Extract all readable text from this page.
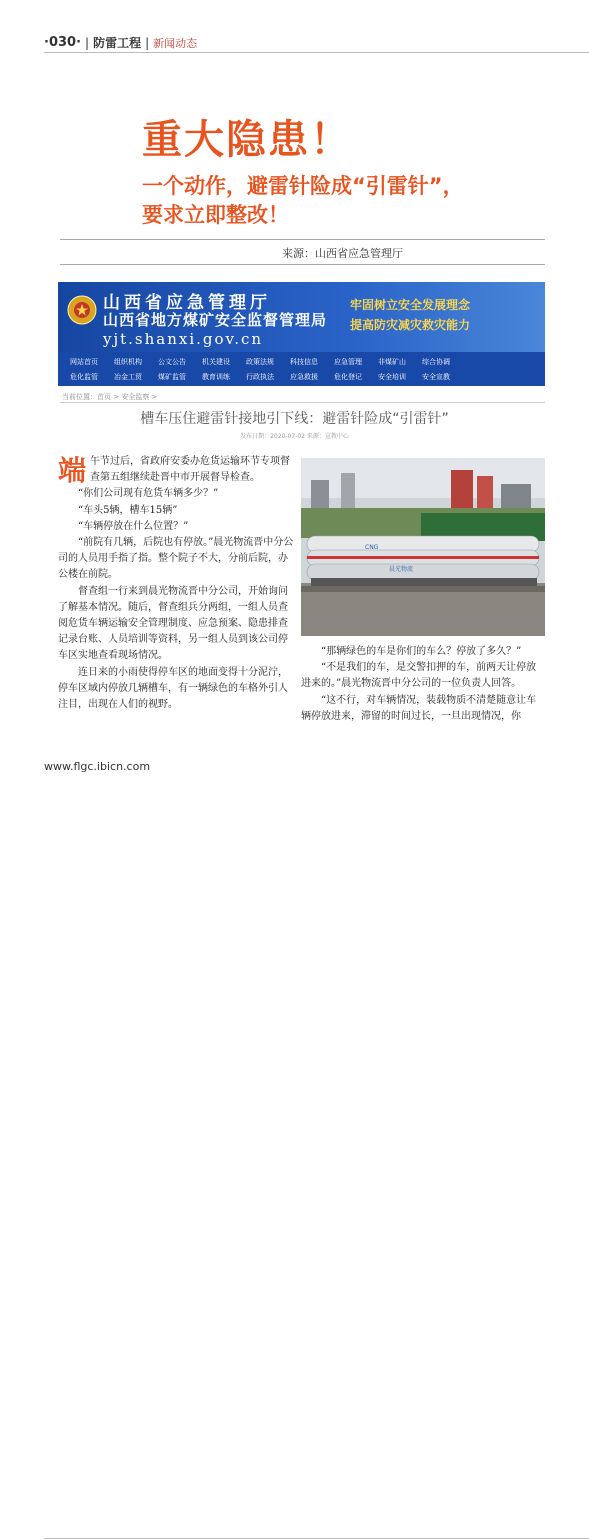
·030· | 防雷工程 | 新闻动态
重大隐患！
一个动作，避雷针险成“引雷针”，
要求立即整改！
来源：山西省应急管理厅
山西省应急管理厅
山西省地方煤矿安全监督管理局
yjt.shanxi.gov.cn
牢固树立安全发展理念
提高防灾减灾救灾能力
网站首页	组织机构	公文公告	机关建设	政策法规	科技信息	应急管理	非煤矿山	综合协调
危化监管	冶金工贸	煤矿监管	教育训练	行政执法	应急救援	危化登记	安全培训	安全宣教
当前位置：首页 > 安全监察 >
槽车压住避雷针接地引下线：避雷针险成“引雷针”
发布日期：2020-07-02 来源：宣教中心

端午节过后，省政府安委办危货运输环节专项督查第五组继续赴晋中市开展督导检查。

“你们公司现有危货车辆多少？”

“车头5辆，槽车15辆”

“车辆停放在什么位置？”

“前院有几辆，后院也有停放。”晨光物流晋中分公司的人员用手指了指。整个院子不大，分前后院，办公楼在前院。

督查组一行来到晨光物流晋中分公司，开始询问了解基本情况。随后，督查组兵分两组，一组人员查阅危货车辆运输安全管理制度、应急预案、隐患排查记录台账、人员培训等资料，另一组人员到该公司停车区实地查看现场情况。

连日来的小雨使得停车区的地面变得十分泥泞，停车区域内停放几辆槽车，有一辆绿色的车格外引人注目，出现在人们的视野。

CNG
晨光物流

“那辆绿色的车是你们的车么？停放了多久？”

“不是我们的车，是交警扣押的车，前两天让停放进来的。”晨光物流晋中分公司的一位负责人回答。

“这不行，对车辆情况，装载物质不清楚随意让车辆停放进来，滞留的时间过长，一旦出现情况，你

www.flgc.ibicn.com
